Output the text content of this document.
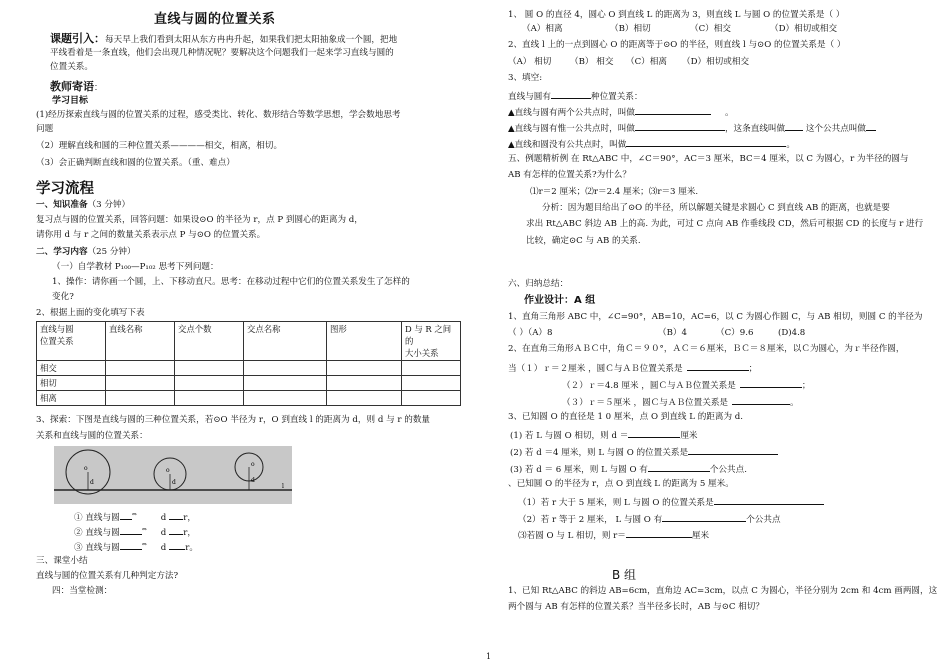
直线与圆的位置关系
课题引入：每天早上我们看到太阳从东方冉冉升起，如果我们把太阳抽象成一个圆，把地
平线看着是一条直线，他们会出现几种情况呢？要解决这个问题我们一起来学习直线与圆的
位置关系。
教师寄语：
学习目标
(1)经历探索直线与圆的位置关系的过程，感受类比、转化、数形结合等数学思想，学会数地思考
问题
（2）理解直线和圆的三种位置关系————相交，相离，相切。
（3）会正确判断直线和圆的位置关系。（重、难点）
学习流程
一、知识准备（3 分钟）
复习点与圆的位置关系，回答问题：如果设⊙O 的半径为 r，点 P 到圆心的距离为 d，
请你用 d 与 r 之间的数量关系表示点 P 与⊙O 的位置关系。
二、学习内容（25 分钟）
（一）自学教材 P₁₀₀—P₁₀₂ 思考下列问题：
1、操作：请你画一个圆，上、下移动直尺。思考：在移动过程中它们的位置关系发生了怎样的
变化?
2、根据上面的变化填写下表
直线与圆
位置关系	直线名称	交点个数	交点名称	图形	D 与 R 之间的
大小关系
相交					
相切					
相离					
3、探索：下图是直线与圆的三种位置关系，若⊙O 半径为 r，O 到直线 l 的距离为 d，则 d 与 r 的数量
关系和直线与圆的位置关系：
o
d
o
d
o
d
l
① 直线与圆 ⇔	d r，
② 直线与圆	⇔ d r，
③ 直线与圆	⇔ d r。
三、课堂小结
直线与圆的位置关系有几种判定方法?
四：当堂检测：
1、 圆 O 的直径 4，圆心 O 到直线 L 的距离为 3，则直线 L 与圆 O 的位置关系是（ ）
（A）相离	（B）相切	（C）相交	（D）相切或相交
2、直线 l 上的一点到圆心 O 的距离等于⊙O 的半径，则直线 l 与⊙O 的位置关系是（ ）
（A） 相切 （B） 相交 （C）相离 （D）相切或相交
3、填空:
直线与圆有	种位置关系：
▲直线与圆有两个公共点时，叫做	。
▲直线与圆有惟一公共点时，叫做	，这条直线叫做 这个公共点叫做
▲直线和圆没有公共点时，叫做	。
五、例题精析例 在 Rt△ABC 中，∠C＝90°，AC＝3 厘米，BC＝4 厘米，以 C 为圆心，r 为半径的圆与
AB 有怎样的位置关系?为什么？
⑴r＝2 厘米；⑵r＝2.4 厘米；⑶r＝3 厘米.
分析：因为题目给出了⊙O 的半径，所以解题关键是求圆心 C 到直线 AB 的距离，也就是要
求出 Rt△ABC 斜边 AB 上的高. 为此，可过 C 点向 AB 作垂线段 CD，然后可根据 CD 的长度与 r 进行
比较，确定⊙C 与 AB 的关系.
六、归纳总结：
作业设计：A 组
1、直角三角形 ABC 中，∠C=90°，AB=10，AC=6，以 C 为圆心作圆 C，与 AB 相切，则圆 C 的半径为
（ ）（A）8	（B）4	（C）9.6	(D)4.8
2、在直角三角形ＡＢＣ中，角Ｃ＝９０°，ＡＣ＝６厘米，ＢＣ＝８厘米，以Ｃ为圆心，为ｒ半径作圆，
当（１）ｒ＝２厘米 ，圆Ｃ与ＡＢ位置关系是	；
（２）ｒ＝4.8 厘米 ，圆Ｃ与ＡＢ位置关系是	；
（３）ｒ＝５厘米 ，圆Ｃ与ＡＢ位置关系是	。
3、已知圆 O 的直径是 1 0 厘米，点 O 到直线 L 的距离为 d.
(1) 若 L 与圆 O 相切，则 d ＝	厘米
(2) 若 d ＝4 厘米，则 L 与圆 O 的位置关系是
(3) 若 d ＝ 6 厘米，则 L 与圆 O 有	个公共点.
、已知圆 O 的半径为 r，点 O 到直线 L 的距离为 5 厘米。
（1）若 r 大于 5 厘米，则 L 与圆 O 的位置关系是
（2）若 r 等于 2 厘米， L 与圆 O 有	个公共点
⑶若圆 O 与 L 相切，则 r＝	厘米
B 组
1、已知 Rt△ABC 的斜边 AB=6cm，直角边 AC=3cm，以点 C 为圆心，半径分别为 2cm 和 4cm 画两圆，这
两个圆与 AB 有怎样的位置关系？当半径多长时，AB 与⊙C 相切？
1
